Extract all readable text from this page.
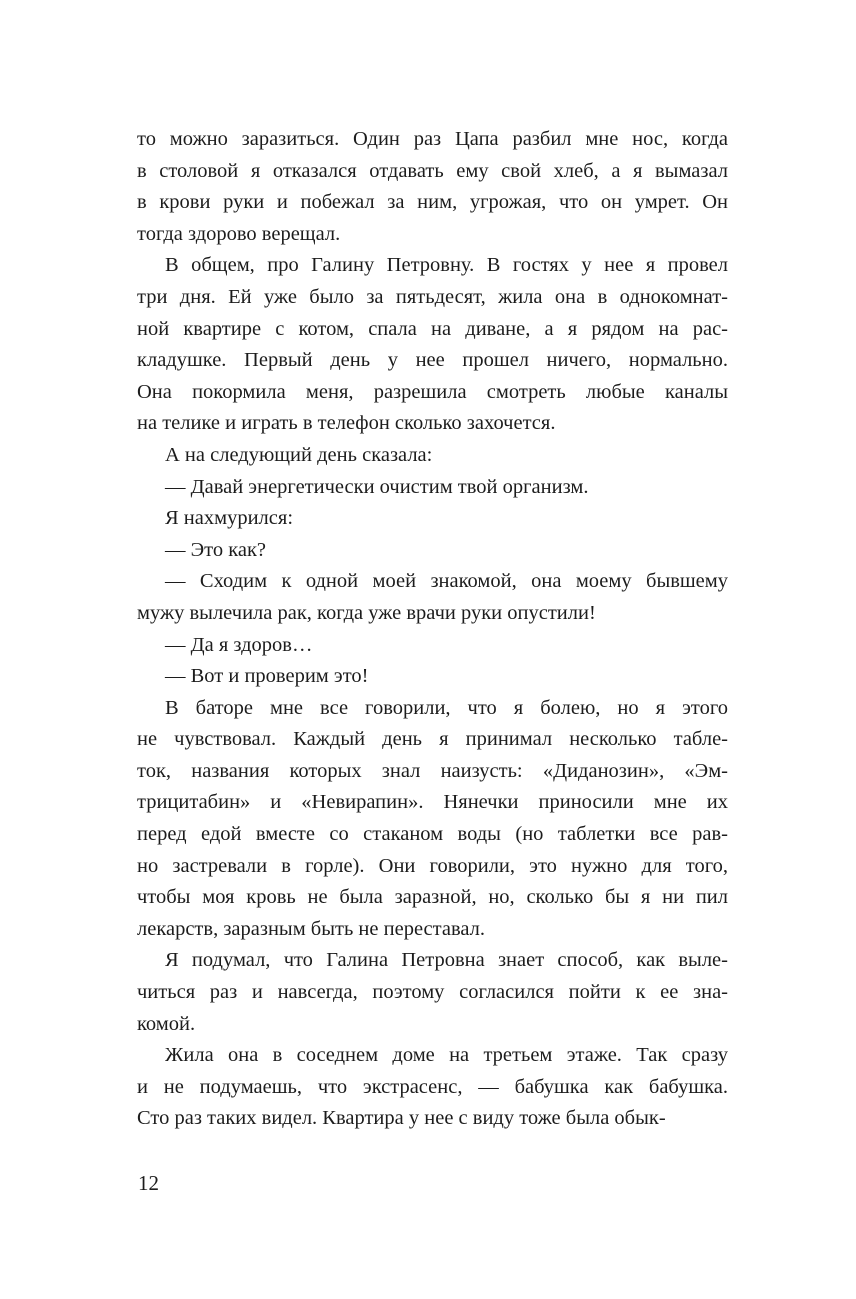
то можно заразиться. Один раз Цапа разбил мне нос, когда
в столовой я отказался отдавать ему свой хлеб, а я вымазал
в крови руки и побежал за ним, угрожая, что он умрет. Он
тогда здорово верещал.
В общем, про Галину Петровну. В гостях у нее я провел
три дня. Ей уже было за пятьдесят, жила она в однокомнат-
ной квартире с котом, спала на диване, а я рядом на рас-
кладушке. Первый день у нее прошел ничего, нормально.
Она покормила меня, разрешила смотреть любые каналы
на телике и играть в телефон сколько захочется.
А на следующий день сказала:
— Давай энергетически очистим твой организм.
Я нахмурился:
— Это как?
— Сходим к одной моей знакомой, она моему бывшему
мужу вылечила рак, когда уже врачи руки опустили!
— Да я здоров…
— Вот и проверим это!
В баторе мне все говорили, что я болею, но я этого
не чувствовал. Каждый день я принимал несколько табле-
ток, названия которых знал наизусть: «Диданозин», «Эм-
трицитабин» и «Невирапин». Нянечки приносили мне их
перед едой вместе со стаканом воды (но таблетки все рав-
но застревали в горле). Они говорили, это нужно для того,
чтобы моя кровь не была заразной, но, сколько бы я ни пил
лекарств, заразным быть не переставал.
Я подумал, что Галина Петровна знает способ, как выле-
читься раз и навсегда, поэтому согласился пойти к ее зна-
комой.
Жила она в соседнем доме на третьем этаже. Так сразу
и не подумаешь, что экстрасенс, — бабушка как бабушка.
Сто раз таких видел. Квартира у нее с виду тоже была обык-
12
